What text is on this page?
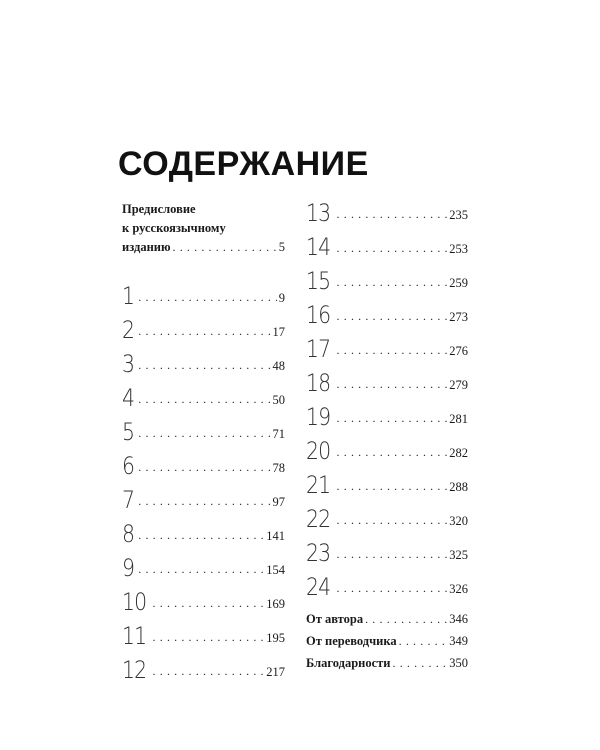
СОДЕРЖАНИЕ
Предисловие
к русскоязычному
изданию . . .	5
1 . . .	9
2 . . .	17
3 . . .	48
4 . . .	50
5 . . .	71
6 . . .	78
7 . . .	97
8 . . .	141
9 . . .	154
10 . . .	169
11 . . .	195
12 . . .	217
13 . . .	235
14 . . .	253
15 . . .	259
16 . . .	273
17 . . .	276
18 . . .	279
19 . . .	281
20 . . .	282
21 . . .	288
22 . . .	320
23 . . .	325
24 . . .	326
От автора . . .	346
От переводчика . . .	349
Благодарности . . .	350
